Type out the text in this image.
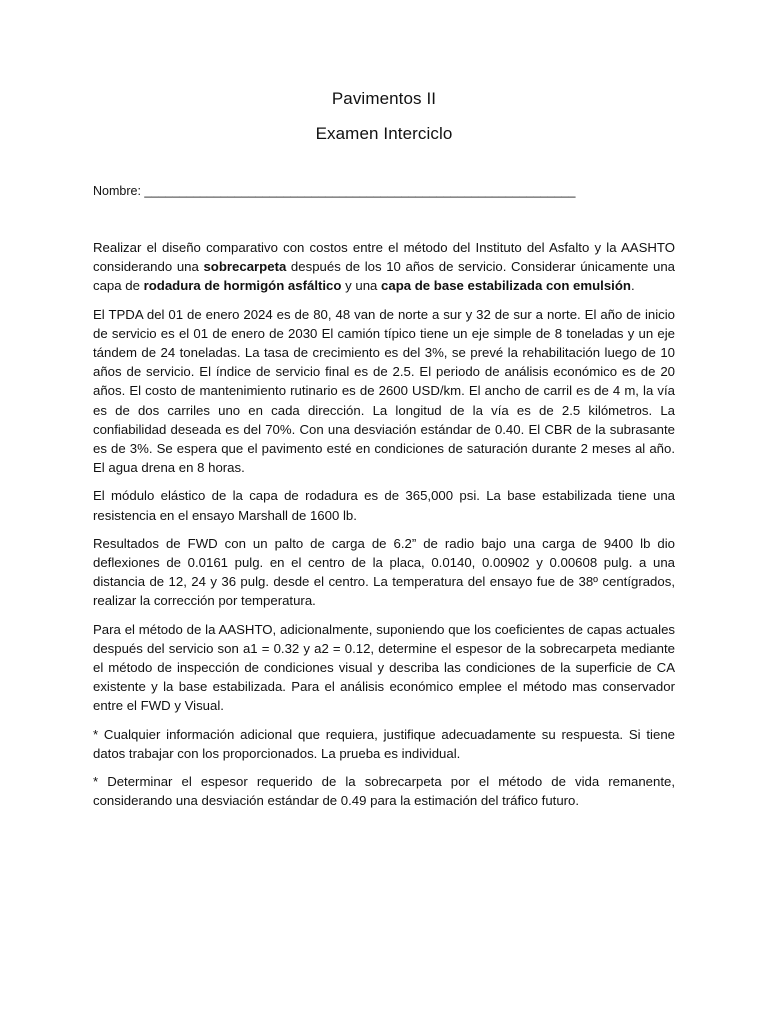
Pavimentos II
Examen Interciclo
Nombre: ______________________________________________________________

Realizar el diseño comparativo con costos entre el método del Instituto del Asfalto y la AASHTO considerando una sobrecarpeta después de los 10 años de servicio. Considerar únicamente una capa de rodadura de hormigón asfáltico y una capa de base estabilizada con emulsión.

El TPDA del 01 de enero 2024 es de 80, 48 van de norte a sur y 32 de sur a norte. El año de inicio de servicio es el 01 de enero de 2030 El camión típico tiene un eje simple de 8 toneladas y un eje tándem de 24 toneladas. La tasa de crecimiento es del 3%, se prevé la rehabilitación luego de 10 años de servicio. El índice de servicio final es de 2.5. El periodo de análisis económico es de 20 años. El costo de mantenimiento rutinario es de 2600 USD/km. El ancho de carril es de 4 m, la vía es de dos carriles uno en cada dirección. La longitud de la vía es de 2.5 kilómetros. La confiabilidad deseada es del 70%. Con una desviación estándar de 0.40. El CBR de la subrasante es de 3%. Se espera que el pavimento esté en condiciones de saturación durante 2 meses al año. El agua drena en 8 horas.

El módulo elástico de la capa de rodadura es de 365,000 psi. La base estabilizada tiene una resistencia en el ensayo Marshall de 1600 lb.

Resultados de FWD con un palto de carga de 6.2” de radio bajo una carga de 9400 lb dio deflexiones de 0.0161 pulg. en el centro de la placa, 0.0140, 0.00902 y 0.00608 pulg. a una distancia de 12, 24 y 36 pulg. desde el centro. La temperatura del ensayo fue de 38º centígrados, realizar la corrección por temperatura.

Para el método de la AASHTO, adicionalmente, suponiendo que los coeficientes de capas actuales después del servicio son a1 = 0.32 y a2 = 0.12, determine el espesor de la sobrecarpeta mediante el método de inspección de condiciones visual y describa las condiciones de la superficie de CA existente y la base estabilizada. Para el análisis económico emplee el método mas conservador entre el FWD y Visual.

* Cualquier información adicional que requiera, justifique adecuadamente su respuesta. Si tiene datos trabajar con los proporcionados. La prueba es individual.

* Determinar el espesor requerido de la sobrecarpeta por el método de vida remanente, considerando una desviación estándar de 0.49 para la estimación del tráfico futuro.
